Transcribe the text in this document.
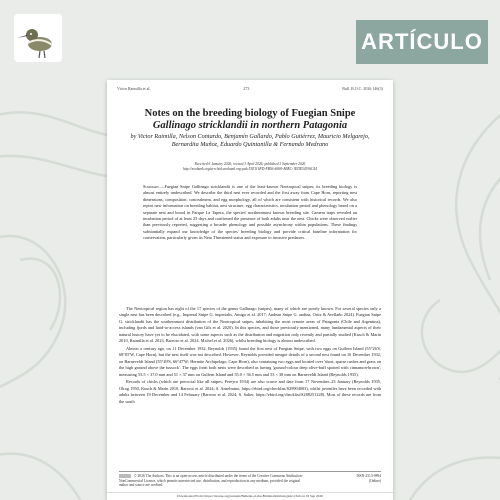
ARTÍCULO
Victor Raimilla et al.	273	Bull. B.O.C. 2026 146(3)
Notes on the breeding biology of Fuegian Snipe
Gallinago stricklandii in northern Patagonia
by Victor Raimilla, Nelson Contardo, Benjamín Gallardo, Pablo Gutiérrez, Mauricio Melgarejo, Bernardita Muñoz, Eduardo Quintanilla & Fernando Medrano
Received 6 January 2026; revised 3 April 2026; published 3 September 2026
http://zoobank.org/urn:lsid:zoobank.org:pub:53E116FD-FB56-4668-ABEC-1EDE54196C44
Summary.—Fuegian Snipe Gallinago stricklandii is one of the least-known Neotropical snipes; its breeding biology is almost entirely undescribed. We describe the third nest ever recorded and the first away from Cape Horn, reporting nest dimensions, composition, concealment, and egg morphology, all of which are consistent with historical records. We also report new information on breeding habitat, nest structure, egg characteristics, incubation period and phenology based on a separate nest and brood in Parque La Tapera, the species' northernmost known breeding site. Camera traps revealed an incubation period of at least 25 days and confirmed the presence of both adults near the nest. Chicks were observed earlier than previously reported, suggesting a broader phenology and possible asynchrony within populations. These findings substantially expand our knowledge of the species' breeding biology and provide critical baseline information for conservation, particularly given its Near Threatened status and exposure to invasive predators.

The Neotropical region has eight of the 17 species of the genus Gallinago (snipes), many of which are poorly known. For several species only a single nest has been described (e.g., Imperial Snipe G. imperialis, Amigo et al. 2017; Andean Snipe G. andina, Ortiz & Avellaño 2024). Fuegian Snipe G. stricklandii has the southernmost distribution of the Neotropical snipes, inhabiting the most remote areas of Patagonia (Chile and Argentina), including fjords and hard-to-access islands (van Gils et al. 2020). In this species, and those previously mentioned, many fundamental aspects of their natural history have yet to be elucidated, with some aspects such as the distribution and migration only recently and partially studied (Kusch & Marín 2010, Raimilla et al. 2023, Barroso et al. 2024, Michel et al. 2026), whilst breeding biology is almost undescribed.

Almost a century ago, on 11 December 1932, Reynolds (1935) found the first nest of Fuegian Snipe, with two eggs on Gulfern Island (55°26'S, 68°05'W, Cape Horn), but the nest itself was not described. However, Reynolds provided meagre details of a second nest found on 16 December 1932, on Barneveldt Island (55°49'S, 66°47'W; Hermite Archipelago, Cape Horn), also containing two eggs and located over 'short, sparse rushes and grass on the high ground above the tussock'. The eggs from both nests were described as having 'ground-colour deep olive-buff spotted with cinnamon-brown', measuring 53.5 × 37.0 mm and 51 × 37 mm on Gulfern Island and 55.0 × 36.5 mm and 53 × 38 mm on Barneveldt Island (Reynolds 1935).

Records of chicks (which are precocial like all snipes; Pereyra 1934) are also scarce and date from 17 November–23 January (Reynolds 1935, Olrog 1950, Kusch & Marín 2010, Barroso et al. 2024; S. Anselmino, https://ebird.org/checklist/S29904003), whilst juveniles have been recorded with adults between 19 December and 14 February (Barroso et al. 2024; S. Salter, https://ebird.org/checklist/S288251228). Most of these records are from the south

© 2026 The Authors; This is an open-access article distributed under the terms of the Creative Commons Attribution-NonCommercial Licence, which permits unrestricted use, distribution, and reproduction in any medium, provided the original author and source are credited.
ISSN-2513-9894
(Online)
Downloaded From: https://bioone.org/journals/Bulletin-of-the-British-Ornithologists'-Club on 03 Sep 2026
